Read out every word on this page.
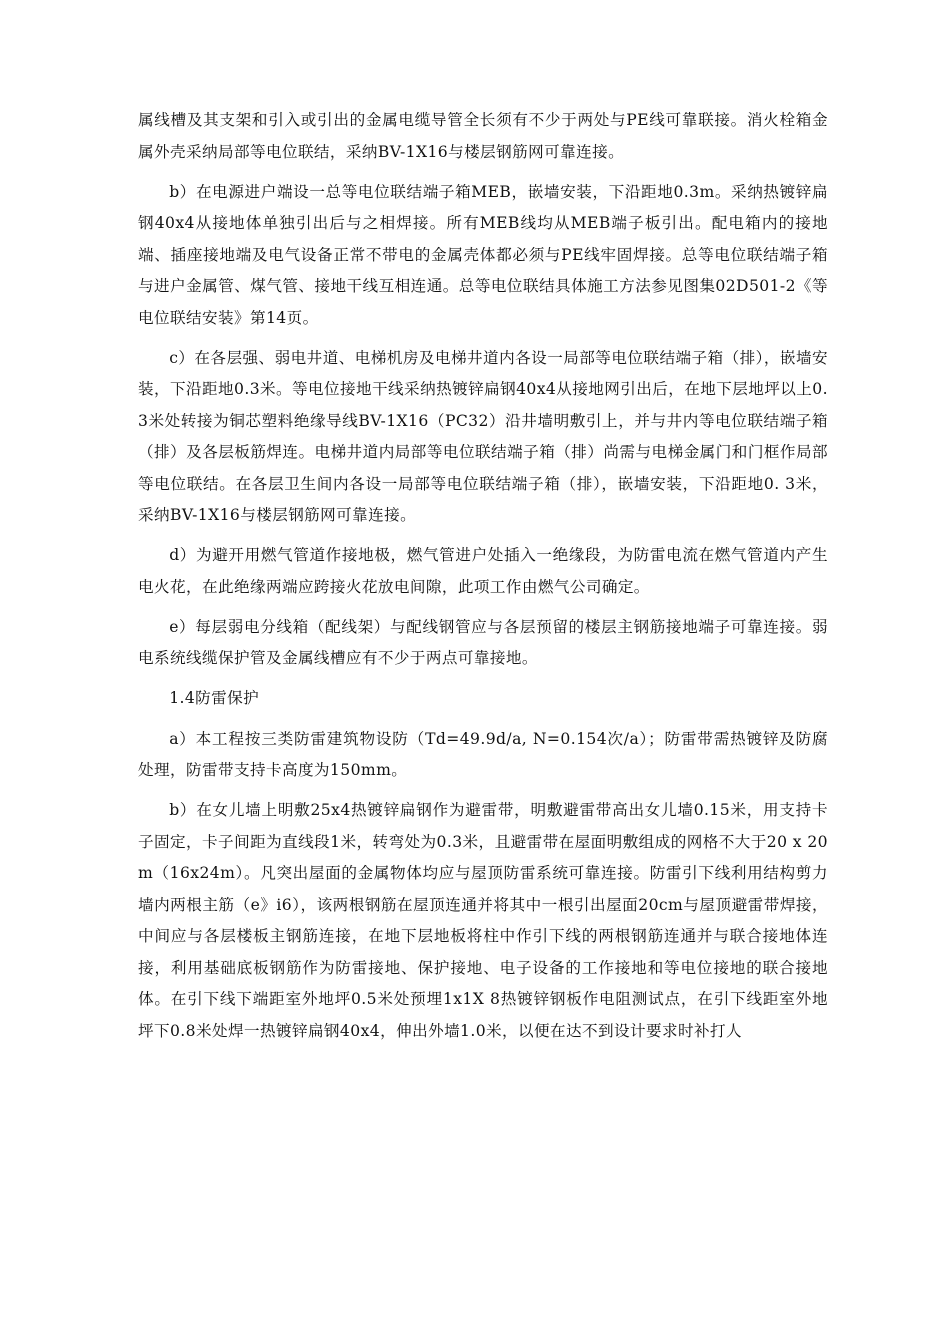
属线槽及其支架和引入或引出的金属电缆导管全长须有不少于两处与PE线可靠联接。消火栓箱金属外壳采纳局部等电位联结，采纳BV-1X16与楼层钢筋网可靠连接。

b）在电源进户端设一总等电位联结端子箱MEB，嵌墙安装，下沿距地0.3m。采纳热镀锌扁钢40x4从接地体单独引出后与之相焊接。所有MEB线均从MEB端子板引出。配电箱内的接地端、插座接地端及电气设备正常不带电的金属壳体都必须与PE线牢固焊接。总等电位联结端子箱与进户金属管、煤气管、接地干线互相连通。总等电位联结具体施工方法参见图集02D501-2《等电位联结安装》第14页。

c）在各层强、弱电井道、电梯机房及电梯井道内各设一局部等电位联结端子箱（排），嵌墙安装，下沿距地0.3米。等电位接地干线采纳热镀锌扁钢40x4从接地网引出后，在地下层地坪以上0.3米处转接为铜芯塑料绝缘导线BV-1X16（PC32）沿井墙明敷引上，并与井内等电位联结端子箱（排）及各层板筋焊连。电梯井道内局部等电位联结端子箱（排）尚需与电梯金属门和门框作局部等电位联结。在各层卫生间内各设一局部等电位联结端子箱（排），嵌墙安装，下沿距地0. 3米，采纳BV-1X16与楼层钢筋网可靠连接。

d）为避开用燃气管道作接地极，燃气管进户处插入一绝缘段，为防雷电流在燃气管道内产生电火花，在此绝缘两端应跨接火花放电间隙，此项工作由燃气公司确定。

e）每层弱电分线箱（配线架）与配线钢管应与各层预留的楼层主钢筋接地端子可靠连接。弱电系统线缆保护管及金属线槽应有不少于两点可靠接地。

1.4防雷保护

a）本工程按三类防雷建筑物设防（Td=49.9d/a, N=0.154次/a）；防雷带需热镀锌及防腐处理，防雷带支持卡高度为150mm。

b）在女儿墙上明敷25x4热镀锌扁钢作为避雷带，明敷避雷带高出女儿墙0.15米，用支持卡子固定，卡子间距为直线段1米，转弯处为0.3米，且避雷带在屋面明敷组成的网格不大于20 x 20m（16x24m）。凡突出屋面的金属物体均应与屋顶防雷系统可靠连接。防雷引下线利用结构剪力墙内两根主筋（e》i6），该两根钢筋在屋顶连通并将其中一根引出屋面20cm与屋顶避雷带焊接，中间应与各层楼板主钢筋连接，在地下层地板将柱中作引下线的两根钢筋连通并与联合接地体连接，利用基础底板钢筋作为防雷接地、保护接地、电子设备的工作接地和等电位接地的联合接地体。在引下线下端距室外地坪0.5米处预埋1x1X 8热镀锌钢板作电阻测试点，在引下线距室外地坪下0.8米处焊一热镀锌扁钢40x4，伸出外墙1.0米，以便在达不到设计要求时补打人
